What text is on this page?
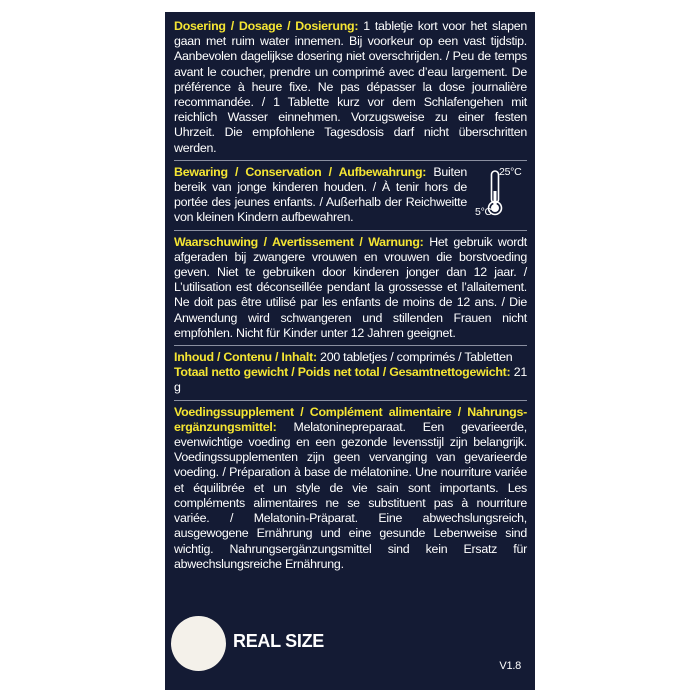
Dosering / Dosage / Dosierung: 1 tabletje kort voor het slapen gaan met ruim water innemen. Bij voorkeur op een vast tijdstip. Aanbevolen dagelijkse dosering niet overschrijden. / Peu de temps avant le coucher, prendre un comprimé avec d’eau largement. De préférence à heure fixe. Ne pas dépasser la dose journalière recommandée. / 1 Tablette kurz vor dem Schlafengehen mit reichlich Wasser einnehmen. Vorzugsweise zu einer festen Uhrzeit. Die empfohlene Tagesdosis darf nicht überschritten werden.

Bewaring / Conservation / Aufbewahrung: Buiten bereik van jonge kinderen houden. / À tenir hors de portée des jeunes enfants. / Außerhalb der Reichweitte von kleinen Kindern aufbewahren.

25°C
5°C

Waarschuwing / Avertissement / Warnung: Het gebruik wordt afgeraden bij zwangere vrouwen en vrouwen die borstvoeding geven. Niet te gebruiken door kinderen jonger dan 12 jaar. / L’utilisation est déconseillée pendant la grossesse et l’allaitement. Ne doit pas être utilisé par les enfants de moins de 12 ans. / Die Anwendung wird schwangeren und stillenden Frauen nicht empfohlen. Nicht für Kinder unter 12 Jahren geeignet.

Inhoud / Contenu / Inhalt: 200 tabletjes / comprimés / Tabletten

Totaal netto gewicht / Poids net total / Gesamtnettogewicht: 21 g

Voedingssupplement / Complément alimentaire / Nahrungs-ergänzungsmittel: Melatoninepreparaat. Een gevarieerde, evenwichtige voeding en een gezonde levensstijl zijn belangrijk. Voedingssupplementen zijn geen vervanging van gevarieerde voeding. / Préparation à base de mélatonine. Une nourriture variée et équilibrée et un style de vie sain sont importants. Les compléments alimentaires ne se substituent pas à nourriture variée. / Melatonin-Präparat. Eine abwechslungsreich, ausgewogene Ernährung und eine gesunde Lebenweise sind wichtig. Nahrungsergänzungsmittel sind kein Ersatz für abwechslungsreiche Ernährung.

REAL SIZE
V1.8
